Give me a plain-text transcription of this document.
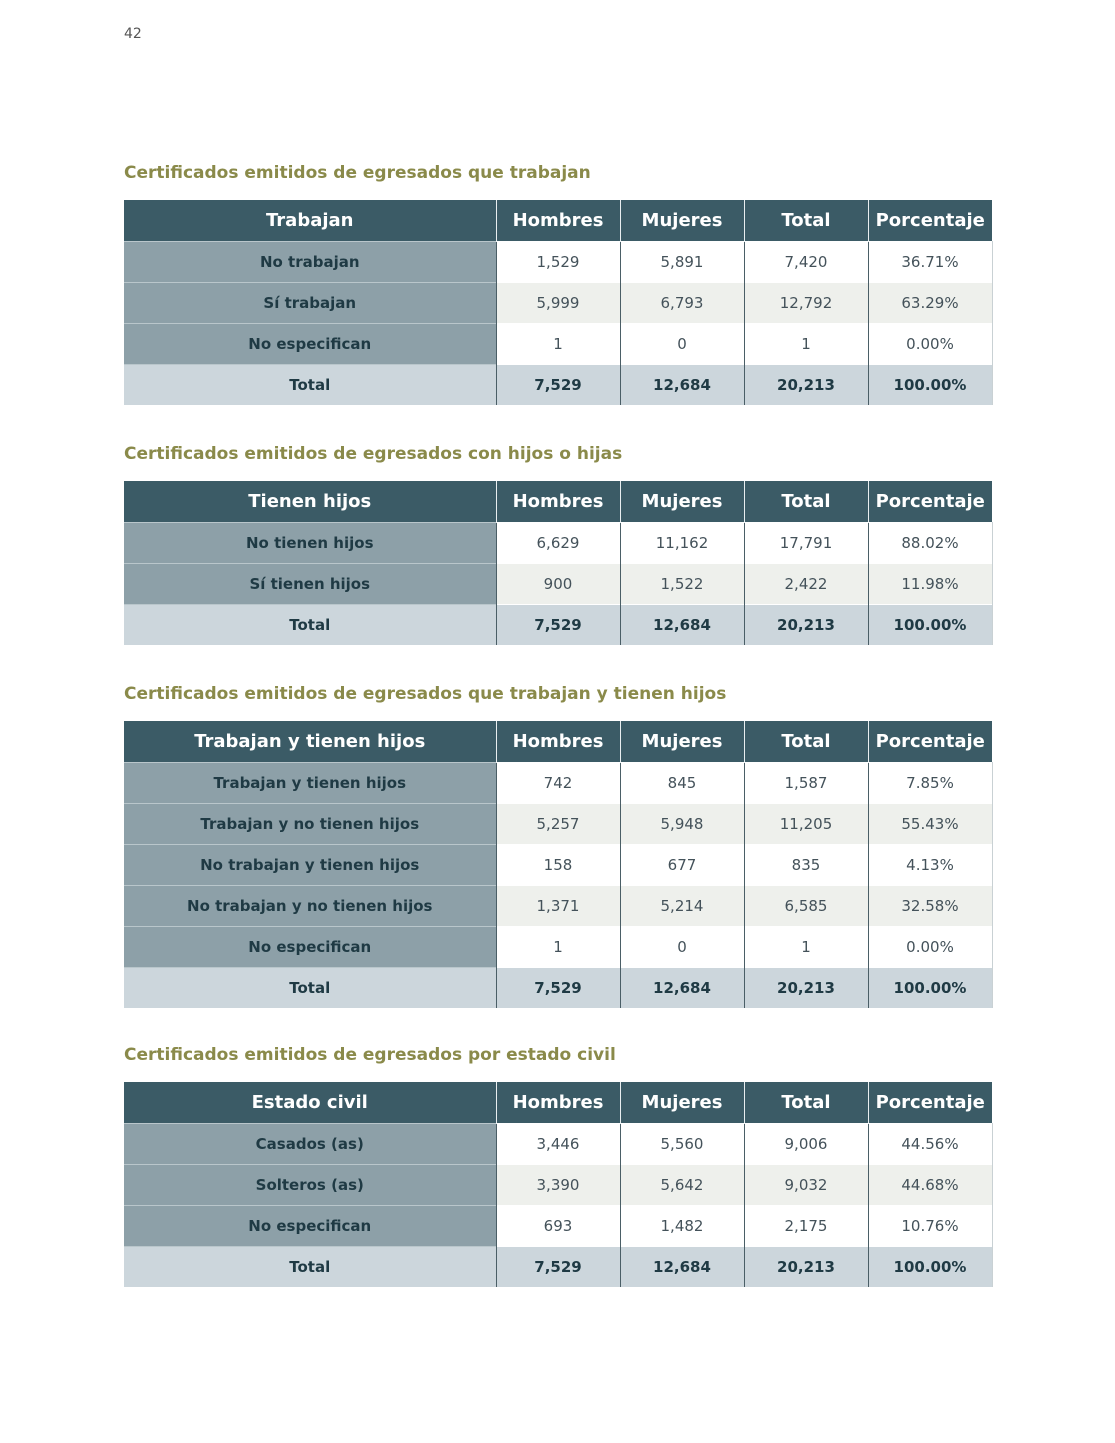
42
Certificados emitidos de egresados que trabajan
Trabajan	Hombres	Mujeres	Total	Porcentaje
No trabajan	1,529	5,891	7,420	36.71%
Sí trabajan	5,999	6,793	12,792	63.29%
No especifican	1	0	1	0.00%
Total	7,529	12,684	20,213	100.00%
Certificados emitidos de egresados con hijos o hijas
Tienen hijos	Hombres	Mujeres	Total	Porcentaje
No tienen hijos	6,629	11,162	17,791	88.02%
Sí tienen hijos	900	1,522	2,422	11.98%
Total	7,529	12,684	20,213	100.00%
Certificados emitidos de egresados que trabajan y tienen hijos
Trabajan y tienen hijos	Hombres	Mujeres	Total	Porcentaje
Trabajan y tienen hijos	742	845	1,587	7.85%
Trabajan y no tienen hijos	5,257	5,948	11,205	55.43%
No trabajan y tienen hijos	158	677	835	4.13%
No trabajan y no tienen hijos	1,371	5,214	6,585	32.58%
No especifican	1	0	1	0.00%
Total	7,529	12,684	20,213	100.00%
Certificados emitidos de egresados por estado civil
Estado civil	Hombres	Mujeres	Total	Porcentaje
Casados (as)	3,446	5,560	9,006	44.56%
Solteros (as)	3,390	5,642	9,032	44.68%
No especifican	693	1,482	2,175	10.76%
Total	7,529	12,684	20,213	100.00%
